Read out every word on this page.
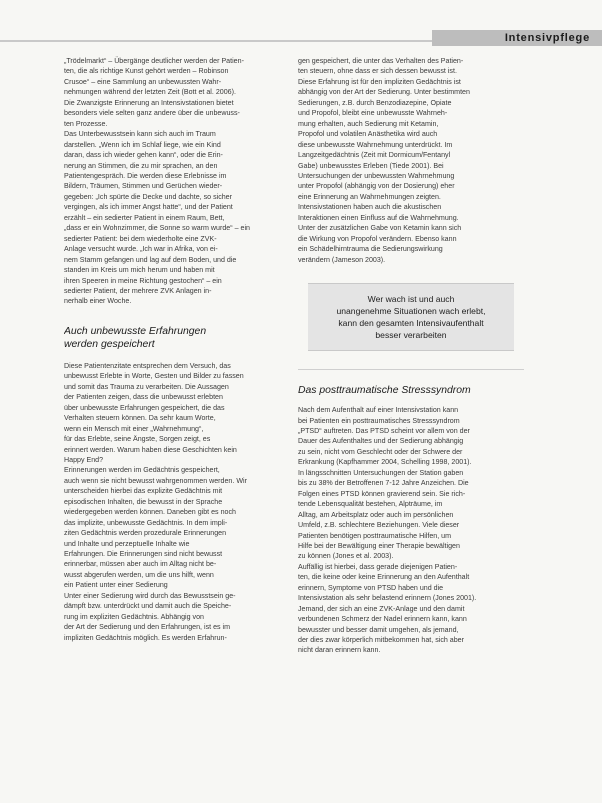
Intensivpflege
„Trödelmarkt“ – Übergänge deutlicher werden der Patien-
ten, die als richtige Kunst gehört werden – Robinson
Crusoe“ – eine Sammlung an unbewussten Wahr-
nehmungen während der letzten Zeit (Bott et al. 2006).
Die Zwanzigste Erinnerung an Intensivstationen bietet
besonders viele selten ganz andere über die unbewuss-
ten Prozesse.
Das Unterbewusstsein kann sich auch im Traum
darstellen. „Wenn ich im Schlaf liege, wie ein Kind
daran, dass ich wieder gehen kann“, oder die Erin-
nerung an Stimmen, die zu mir sprachen, an den
Patientengespräch. Die werden diese Erlebnisse im
Bildern, Träumen, Stimmen und Gerüchen wieder-
gegeben: „Ich spürte die Decke und dachte, so sicher
vergingen, als ich immer Angst hatte“, und der Patient
erzählt – ein sedierter Patient in einem Raum, Bett,
„dass er ein Wohnzimmer, die Sonne so warm wurde“ – ein
sedierter Patient: bei dem wiederholte eine ZVK-
Anlage versucht wurde. „Ich war in Afrika, von ei-
nem Stamm gefangen und lag auf dem Boden, und die
standen im Kreis um mich herum und haben mit
ihren Speeren in meine Richtung gestochen“ – ein
sedierter Patient, der mehrere ZVK Anlagen in-
nerhalb einer Woche.
Auch unbewusste Erfahrungen
werden gespeichert
Diese Patientenzitate entsprechen dem Versuch, das
unbewusst Erlebte in Worte, Gesten und Bilder zu fassen
und somit das Trauma zu verarbeiten. Die Aussagen
der Patienten zeigen, dass die unbewusst erlebten
über unbewusste Erfahrungen gespeichert, die das
Verhalten steuern können. Da sehr kaum Worte,
wenn ein Mensch mit einer „Wahrnehmung“,
für das Erlebte, seine Ängste, Sorgen zeigt, es
erinnert werden. Warum haben diese Geschichten kein
Happy End?
Erinnerungen werden im Gedächtnis gespeichert,
auch wenn sie nicht bewusst wahrgenommen werden. Wir
unterscheiden hierbei das explizite Gedächtnis mit
episodischen Inhalten, die bewusst in der Sprache
wiedergegeben werden können. Daneben gibt es noch
das implizite, unbewusste Gedächtnis. In dem impli-
ziten Gedächtnis werden prozedurale Erinnerungen
und Inhalte und perzeptuelle Inhalte wie
Erfahrungen. Die Erinnerungen sind nicht bewusst
erinnerbar, müssen aber auch im Alltag nicht be-
wusst abgerufen werden, um die uns hilft, wenn
ein Patient unter einer Sedierung
Unter einer Sedierung wird durch das Bewusstsein ge-
dämpft bzw. unterdrückt und damit auch die Speiche-
rung im expliziten Gedächtnis. Abhängig von
der Art der Sedierung und den Erfahrungen, ist es im
impliziten Gedächtnis möglich. Es werden Erfahrun-
gen gespeichert, die unter das Verhalten des Patien-
ten steuern, ohne dass er sich dessen bewusst ist.
Diese Erfahrung ist für den impliziten Gedächtnis ist
abhängig von der Art der Sedierung. Unter bestimmten
Sedierungen, z.B. durch Benzodiazepine, Opiate
und Propofol, bleibt eine unbewusste Wahrneh-
mung erhalten, auch Sedierung mit Ketamin,
Propofol und volatilen Anästhetika wird auch
diese unbewusste Wahrnehmung unterdrückt. Im
Langzeitgedächtnis (Zeit mit Dormicum/Fentanyl
Gabe) unbewusstes Erleben (Tiede 2001). Bei
Untersuchungen der unbewussten Wahrnehmung
unter Propofol (abhängig von der Dosierung) eher
eine Erinnerung an Wahrnehmungen zeigten.
Intensivstationen haben auch die akustischen
Interaktionen einen Einfluss auf die Wahrnehmung.
Unter der zusätzlichen Gabe von Ketamin kann sich
die Wirkung von Propofol verändern. Ebenso kann
ein Schädelhirntrauma die Sedierungswirkung
verändern (Jameson 2003).
Wer wach ist und auch
unangenehme Situationen wach erlebt,
kann den gesamten Intensivaufenthalt
besser verarbeiten
Das posttraumatische Stresssyndrom
Nach dem Aufenthalt auf einer Intensivstation kann
bei Patienten ein posttraumatisches Stresssyndrom
„PTSD“ auftreten. Das PTSD scheint vor allem von der
Dauer des Aufenthaltes und der Sedierung abhängig
zu sein, nicht vom Geschlecht oder der Schwere der
Erkrankung (Kapfhammer 2004, Schelling 1998, 2001).
In längsschnitten Untersuchungen der Station gaben
bis zu 38% der Betroffenen 7-12 Jahre Anzeichen. Die
Folgen eines PTSD können gravierend sein. Sie rich-
tende Lebensqualität bestehen, Alpträume, im
Alltag, am Arbeitsplatz oder auch im persönlichen
Umfeld, z.B. schlechtere Beziehungen. Viele dieser
Patienten benötigen posttraumatische Hilfen, um
Hilfe bei der Bewältigung einer Therapie bewältigen
zu können (Jones et al. 2003).
Auffällig ist hierbei, dass gerade diejenigen Patien-
ten, die keine oder keine Erinnerung an den Aufenthalt
erinnern, Symptome von PTSD haben und die
Intensivstation als sehr belastend erinnern (Jones 2001).
Jemand, der sich an eine ZVK-Anlage und den damit
verbundenen Schmerz der Nadel erinnern kann, kann
bewusster und besser damit umgehen, als jemand,
der dies zwar körperlich mitbekommen hat, sich aber
nicht daran erinnern kann.
